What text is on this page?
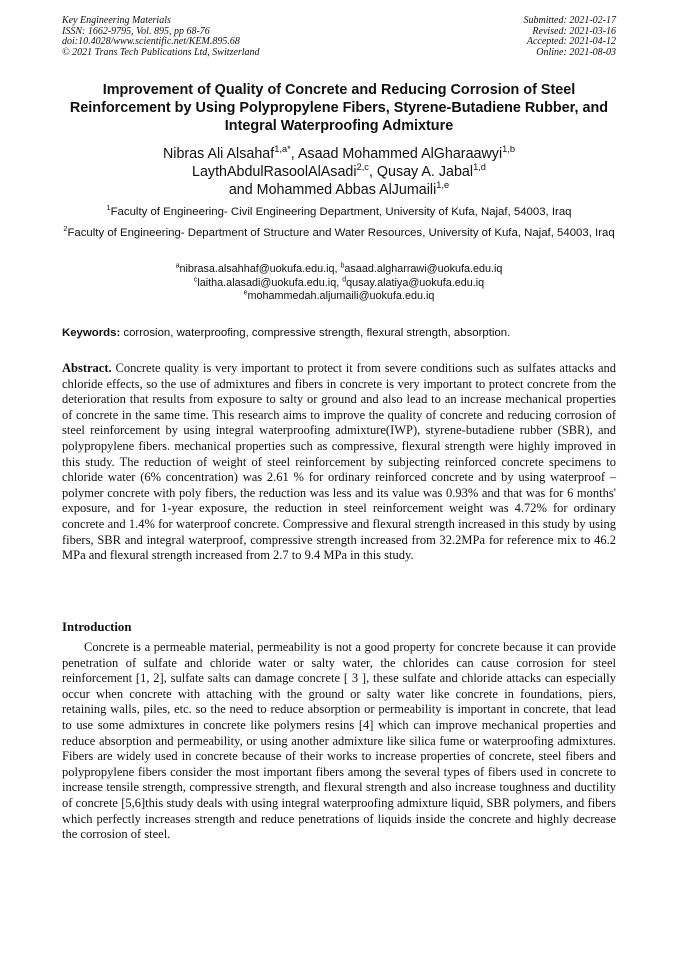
Key Engineering Materials
ISSN: 1662-9795, Vol. 895, pp 68-76
doi:10.4028/www.scientific.net/KEM.895.68
© 2021 Trans Tech Publications Ltd, Switzerland
Submitted: 2021-02-17
Revised: 2021-03-16
Accepted: 2021-04-12
Online: 2021-08-03
Improvement of Quality of Concrete and Reducing Corrosion of Steel Reinforcement by Using Polypropylene Fibers, Styrene-Butadiene Rubber, and Integral Waterproofing Admixture
Nibras Ali Alsahaf$^{1,a*}$, Asaad Mohammed AlGharaawyi$^{1,b}$
LaythAbdulRasoolAlAsadi$^{2,c}$, Qusay A. Jabal$^{1,d}$
and Mohammed Abbas AlJumaili$^{1,e}$
$^1$Faculty of Engineering- Civil Engineering Department, University of Kufa, Najaf, 54003, Iraq
$^2$Faculty of Engineering- Department of Structure and Water Resources, University of Kufa, Najaf, 54003, Iraq
$^a$nibrasa.alsahhaf@uokufa.edu.iq, $^b$asaad.algharrawi@uokufa.edu.iq
$^c$laitha.alasadi@uokufa.edu.iq, $^d$qusay.alatiya@uokufa.edu.iq
$^e$mohammedah.aljumaili@uokufa.edu.iq
Keywords: corrosion, waterproofing, compressive strength, flexural strength, absorption.
Abstract. Concrete quality is very important to protect it from severe conditions such as sulfates attacks and chloride effects, so the use of admixtures and fibers in concrete is very important to protect concrete from the deterioration that results from exposure to salty or ground and also lead to an increase mechanical properties of concrete in the same time. This research aims to improve the quality of concrete and reducing corrosion of steel reinforcement by using integral waterproofing admixture(IWP), styrene-butadiene rubber (SBR), and polypropylene fibers. mechanical properties such as compressive, flexural strength were highly improved in this study. The reduction of weight of steel reinforcement by subjecting reinforced concrete specimens to chloride water (6% concentration) was 2.61 % for ordinary reinforced concrete and by using waterproof –polymer concrete with poly fibers, the reduction was less and its value was 0.93% and that was for 6 months' exposure, and for 1-year exposure, the reduction in steel reinforcement weight was 4.72% for ordinary concrete and 1.4% for waterproof concrete. Compressive and flexural strength increased in this study by using fibers, SBR and integral waterproof, compressive strength increased from 32.2MPa for reference mix to 46.2 MPa and flexural strength increased from 2.7 to 9.4 MPa in this study.
Introduction
Concrete is a permeable material, permeability is not a good property for concrete because it can provide penetration of sulfate and chloride water or salty water, the chlorides can cause corrosion for steel reinforcement [1, 2], sulfate salts can damage concrete [ 3 ], these sulfate and chloride attacks can especially occur when concrete with attaching with the ground or salty water like concrete in foundations, piers, retaining walls, piles, etc. so the need to reduce absorption or permeability is important in concrete, that lead to use some admixtures in concrete like polymers resins [4] which can improve mechanical properties and reduce absorption and permeability, or using another admixture like silica fume or waterproofing admixtures. Fibers are widely used in concrete because of their works to increase properties of concrete, steel fibers and polypropylene fibers consider the most important fibers among the several types of fibers used in concrete to increase tensile strength, compressive strength, and flexural strength and also increase toughness and ductility of concrete [5,6]this study deals with using integral waterproofing admixture liquid, SBR polymers, and fibers which perfectly increases strength and reduce penetrations of liquids inside the concrete and highly decrease the corrosion of steel.
